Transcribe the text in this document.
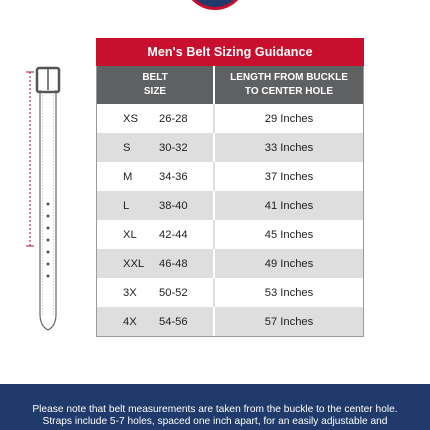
Men's Belt Sizing Guidance
BELT
SIZE
LENGTH FROM BUCKLE
TO CENTER HOLE
XS	26-28	29 Inches
S	30-32	33 Inches
M	34-36	37 Inches
L	38-40	41 Inches
XL	42-44	45 Inches
XXL	46-48	49 Inches
3X	50-52	53 Inches
4X	54-56	57 Inches
Please note that belt measurements are taken from the buckle to the center hole.
Straps include 5-7 holes, spaced one inch apart, for an easily adjustable and
